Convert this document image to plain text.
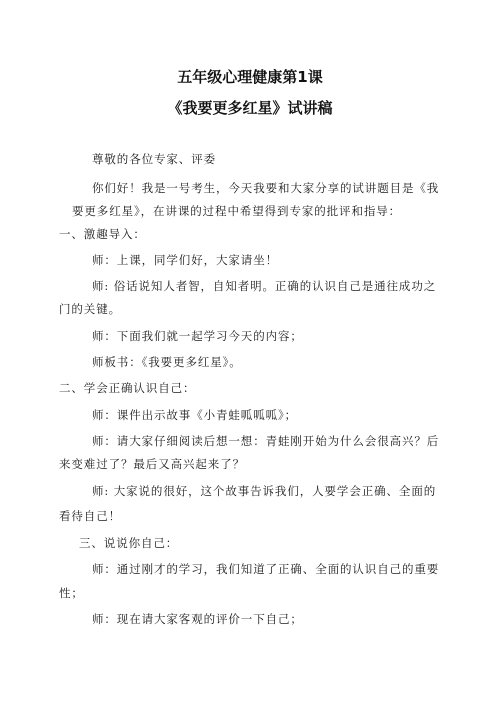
五年级心理健康第1课
《我要更多红星》试讲稿
尊敬的各位专家、评委
你们好！我是一号考生，今天我要和大家分享的试讲题目是《我
要更多红星》，在讲课的过程中希望得到专家的批评和指导：
一、激趣导入：
师：上课，同学们好，大家请坐！
师: 俗话说知人者智，自知者明。正确的认识自己是通往成功之
门的关键。
师：下面我们就一起学习今天的内容；
师板书：《我要更多红星》。
二、学会正确认识自己：
师：课件出示故事《小青蛙呱呱呱》；
师：请大家仔细阅读后想一想：青蛙刚开始为什么会很高兴？后
来变难过了？最后又高兴起来了？
师: 大家说的很好，这个故事告诉我们，人要学会正确、全面的
看待自己！
三、说说你自己：
师：通过刚才的学习，我们知道了正确、全面的认识自己的重要
性；
师：现在请大家客观的评价一下自己；
